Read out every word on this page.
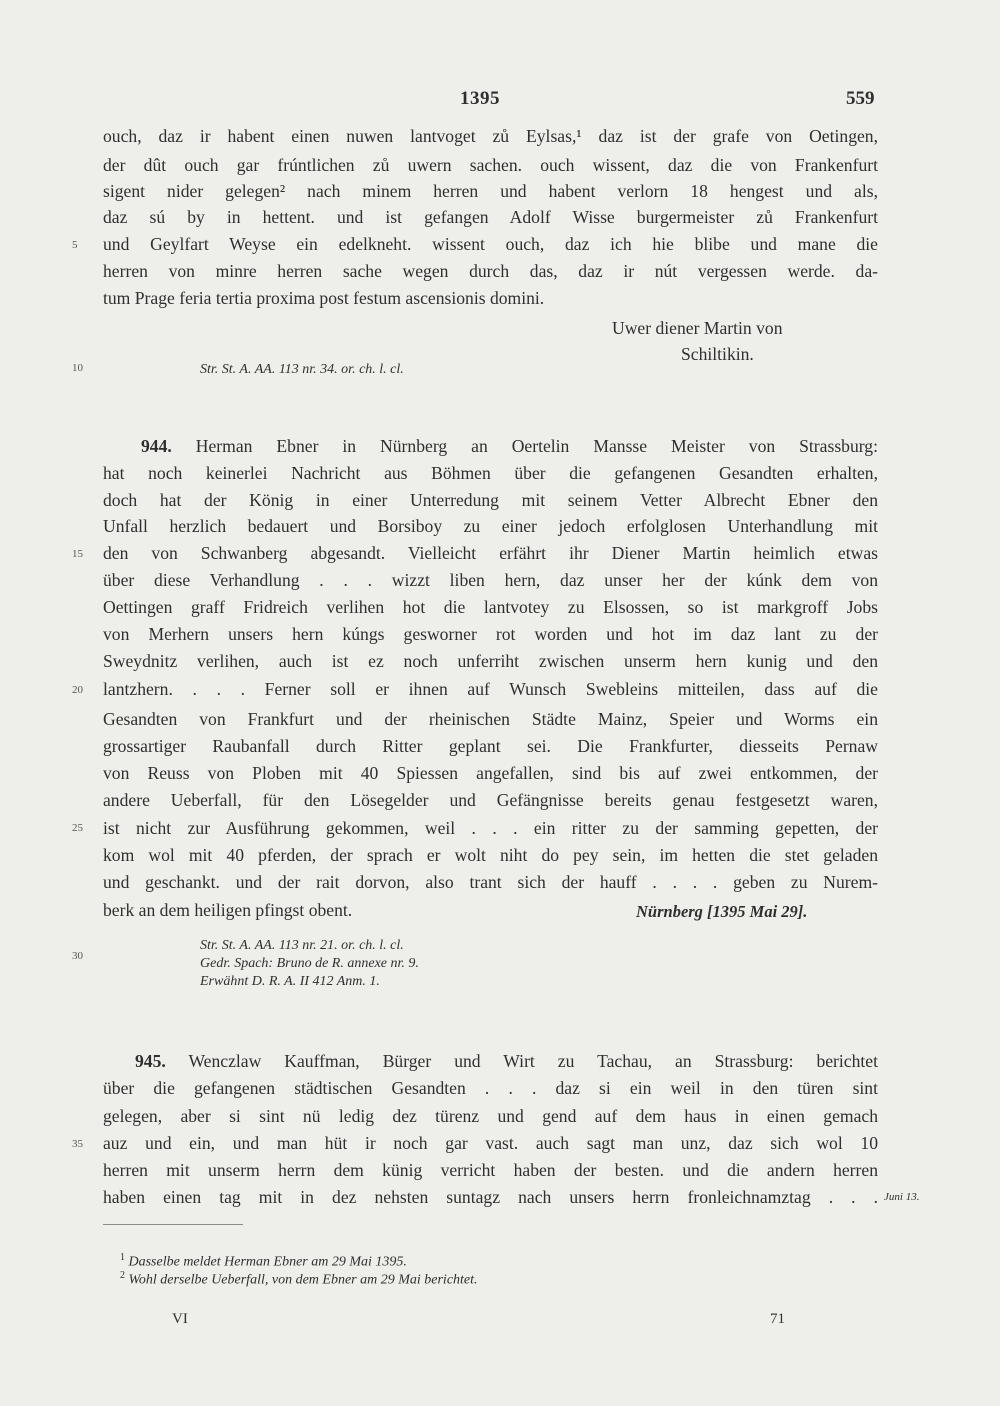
1395	559
ouch, daz ir habent einen nuwen lantvoget zů Eylsas,¹ daz ist der grafe von Oetingen,
der dût ouch gar frúntlichen zů uwern sachen. ouch wissent, daz die von Frankenfurt
sigent nider gelegen² nach minem herren und habent verlorn 18 hengest und als,
daz sú by in hettent. und ist gefangen Adolf Wisse burgermeister zů Frankenfurt
und Geylfart Weyse ein edelkneht. wissent ouch, daz ich hie blibe und mane die
herren von minre herren sache wegen durch das, daz ir nút vergessen werde. da-
tum Prage feria tertia proxima post festum ascensionis domini.
Uwer diener Martin von
Schiltikin.
Str. St. A. AA. 113 nr. 34. or. ch. l. cl.
944. Herman Ebner in Nürnberg an Oertelin Mansse Meister von Strassburg:
hat noch keinerlei Nachricht aus Böhmen über die gefangenen Gesandten erhalten,
doch hat der König in einer Unterredung mit seinem Vetter Albrecht Ebner den
Unfall herzlich bedauert und Borsiboy zu einer jedoch erfolglosen Unterhandlung mit
den von Schwanberg abgesandt. Vielleicht erfährt ihr Diener Martin heimlich etwas
über diese Verhandlung . . . wizzt liben hern, daz unser her der kúnk dem von
Oettingen graff Fridreich verlihen hot die lantvotey zu Elsossen, so ist markgroff Jobs
von Merhern unsers hern kúngs gesworner rot worden und hot im daz lant zu der
Sweydnitz verlihen, auch ist ez noch unferriht zwischen unserm hern kunig und den
lantzhern. . . . Ferner soll er ihnen auf Wunsch Swebleins mitteilen, dass auf die
Gesandten von Frankfurt und der rheinischen Städte Mainz, Speier und Worms ein
grossartiger Raubanfall durch Ritter geplant sei. Die Frankfurter, diesseits Pernaw
von Reuss von Ploben mit 40 Spiessen angefallen, sind bis auf zwei entkommen, der
andere Ueberfall, für den Lösegelder und Gefängnisse bereits genau festgesetzt waren,
ist nicht zur Ausführung gekommen, weil . . . ein ritter zu der samming gepetten, der
kom wol mit 40 pferden, der sprach er wolt niht do pey sein, im hetten die stet geladen
und geschankt. und der rait dorvon, also trant sich der hauff . . . . geben zu Nurem-
berk an dem heiligen pfingst obent.	Nürnberg [1395 Mai 29].
Str. St. A. AA. 113 nr. 21. or. ch. l. cl.
Gedr. Spach: Bruno de R. annexe nr. 9.
Erwähnt D. R. A. II 412 Anm. 1.
945. Wenczlaw Kauffman, Bürger und Wirt zu Tachau, an Strassburg: berichtet
über die gefangenen städtischen Gesandten . . . daz si ein weil in den türen sint
gelegen, aber si sint nü ledig dez türenz und gend auf dem haus in einen gemach
auz und ein, und man hüt ir noch gar vast. auch sagt man unz, daz sich wol 10
herren mit unserm herrn dem künig verricht haben der besten. und die andern herren
haben einen tag mit in dez nehsten suntagz nach unsers herrn fronleichnamztag . . . Juni 13.
5
10
15
20
25
30
35
$^1$ Dasselbe meldet Herman Ebner am 29 Mai 1395.
$^2$ Wohl derselbe Ueberfall, von dem Ebner am 29 Mai berichtet.
VI	71
